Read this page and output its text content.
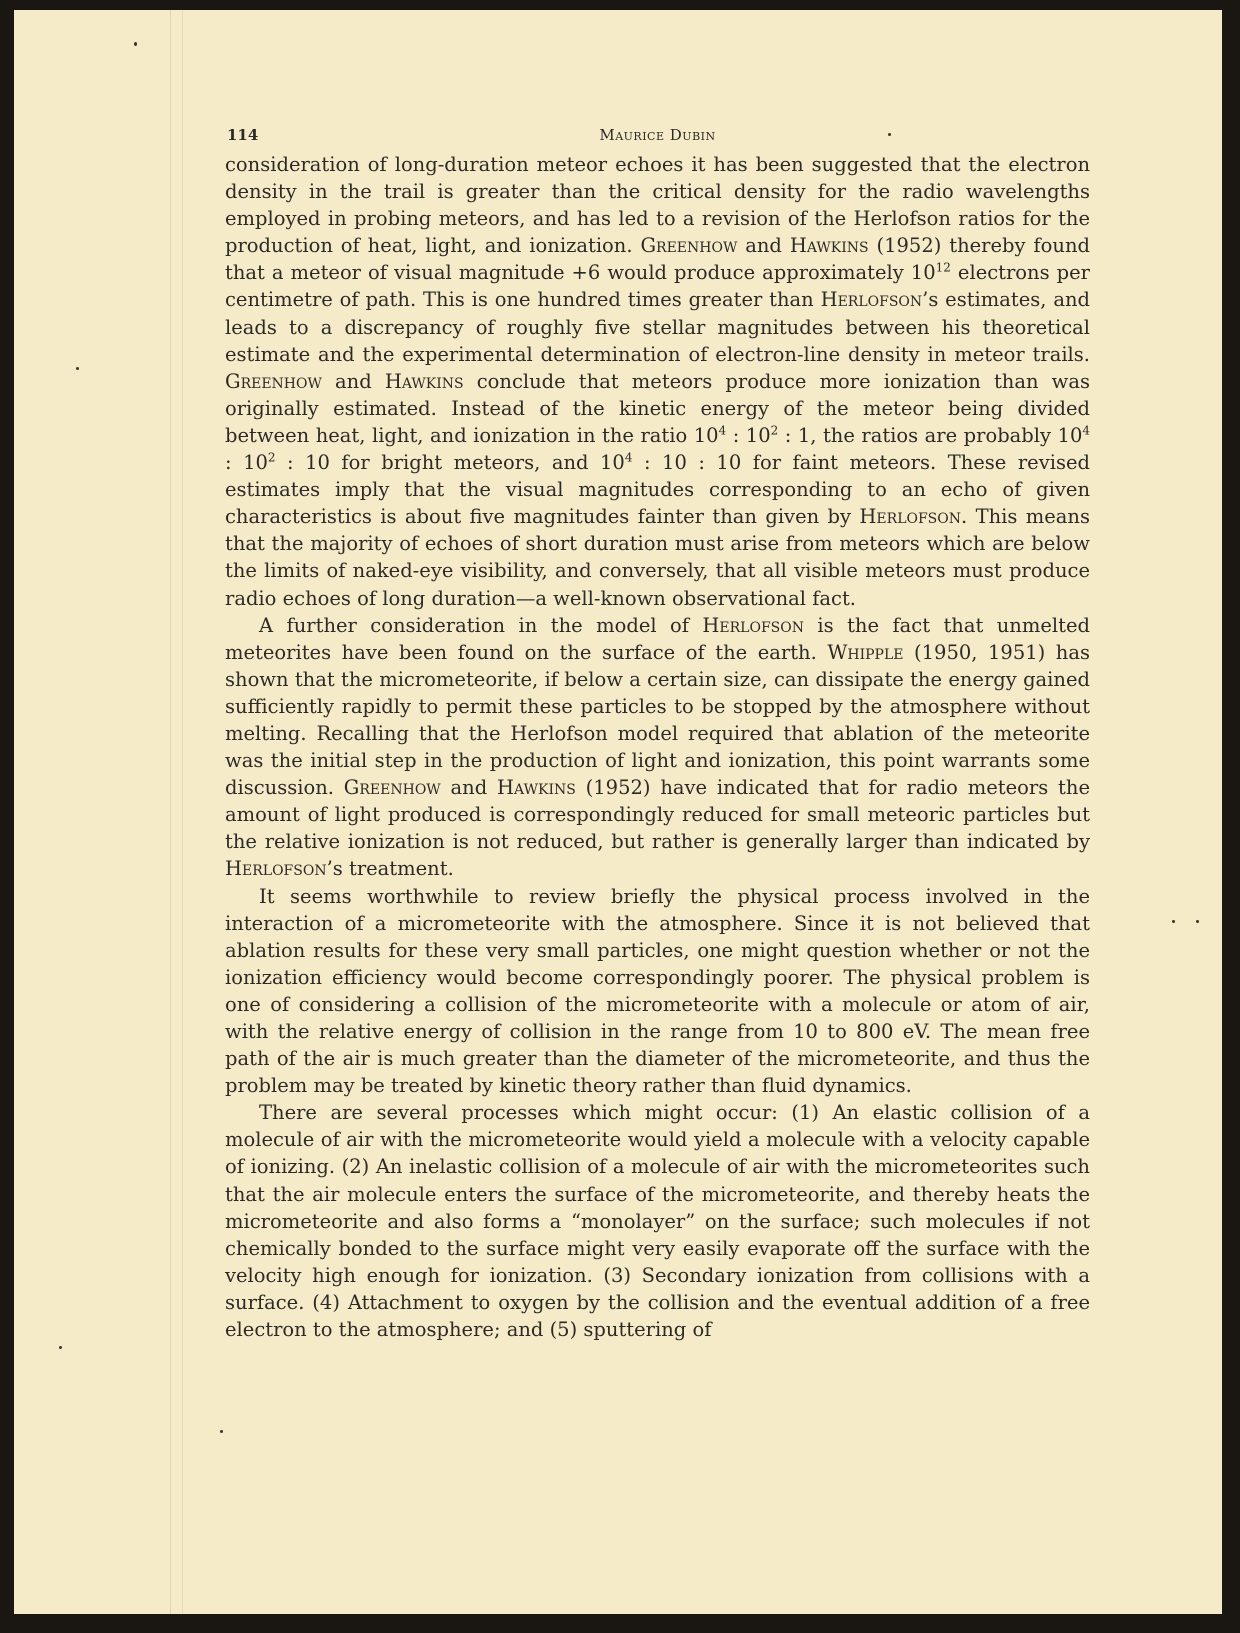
114	Maurice Dubin

consideration of long-duration meteor echoes it has been suggested that the electron density in the trail is greater than the critical density for the radio wavelengths employed in probing meteors, and has led to a revision of the Herlofson ratios for the production of heat, light, and ionization. Greenhow and Hawkins (1952) thereby found that a meteor of visual magnitude +6 would produce approximately $10^{12}$ electrons per centimetre of path. This is one hundred times greater than Herlofson’s estimates, and leads to a discrepancy of roughly five stellar magnitudes between his theoretical estimate and the experimental determination of electron-line density in meteor trails. Greenhow and Hawkins conclude that meteors produce more ionization than was originally estimated. Instead of the kinetic energy of the meteor being divided between heat, light, and ionization in the ratio $10^4$ : $10^2$ : 1, the ratios are probably $10^4$ : $10^2$ : 10 for bright meteors, and $10^4$ : 10 : 10 for faint meteors. These revised estimates imply that the visual magnitudes corresponding to an echo of given characteristics is about five magnitudes fainter than given by Herlofson. This means that the majority of echoes of short duration must arise from meteors which are below the limits of naked-eye visibility, and conversely, that all visible meteors must produce radio echoes of long duration—a well-known observational fact.

A further consideration in the model of Herlofson is the fact that unmelted meteorites have been found on the surface of the earth. Whipple (1950, 1951) has shown that the micrometeorite, if below a certain size, can dissipate the energy gained sufficiently rapidly to permit these particles to be stopped by the atmosphere without melting. Recalling that the Herlofson model required that ablation of the meteorite was the initial step in the production of light and ionization, this point warrants some discussion. Greenhow and Hawkins (1952) have indicated that for radio meteors the amount of light produced is correspondingly reduced for small meteoric particles but the relative ionization is not reduced, but rather is generally larger than indicated by Herlofson’s treatment.

It seems worthwhile to review briefly the physical process involved in the interaction of a micrometeorite with the atmosphere. Since it is not believed that ablation results for these very small particles, one might question whether or not the ionization efficiency would become correspondingly poorer. The physical problem is one of considering a collision of the micrometeorite with a molecule or atom of air, with the relative energy of collision in the range from 10 to 800 eV. The mean free path of the air is much greater than the diameter of the micrometeorite, and thus the problem may be treated by kinetic theory rather than fluid dynamics.

There are several processes which might occur: (1) An elastic collision of a molecule of air with the micrometeorite would yield a molecule with a velocity capable of ionizing. (2) An inelastic collision of a molecule of air with the micrometeorites such that the air molecule enters the surface of the micrometeorite, and thereby heats the micrometeorite and also forms a “monolayer” on the surface; such molecules if not chemically bonded to the surface might very easily evaporate off the surface with the velocity high enough for ionization. (3) Secondary ionization from collisions with a surface. (4) Attachment to oxygen by the collision and the eventual addition of a free electron to the atmosphere; and (5) sputtering of
